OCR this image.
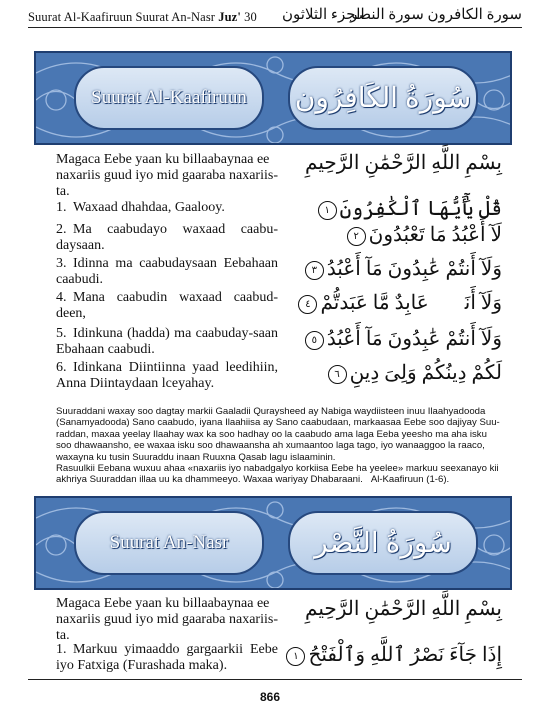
Suurat Al-Kaafiruun Suurat An-Nasr Juz' 30 الجزء الثلاثون
سورة الكافرون سورة النصر
Suurat Al-Kaafiruun سُورَةُ الكَافِرُون
Magaca Eebe yaan ku billaabaynaa ee naxariis guud iyo mid gaaraba naxariis-ta.
بِسْمِ اللَّهِ الرَّحْمَٰنِ الرَّحِيمِ
1. Waxaad dhahdaa, Gaalooy.	قُلْ يَٰٓأَيُّهَا ٱلْكَٰفِرُونَ١
2. Ma caabudayo waxaad caabu-daysaan.	لَآ أَعْبُدُ مَا تَعْبُدُونَ٢
3. Idinna ma caabudaysaan Eebahaan caabudi.	وَلَآ أَنتُمْ عَٰبِدُونَ مَآ أَعْبُدُ٣
4. Mana caabudin waxaad caabud-deen,	وَلَآ أَنَا۠ عَابِدٌ مَّا عَبَدتُّمْ٤
5. Idinkuna (hadda) ma caabuday-saan Ebahaan caabudi.	وَلَآ أَنتُمْ عَٰبِدُونَ مَآ أَعْبُدُ٥
6. Idinkana Diintiinna yaad leedihiin, Anna Diintaydaan lceyahay.	لَكُمْ دِينُكُمْ وَلِىَ دِينِ٦

Suuraddani waxay soo dagtay markii Gaaladii Quraysheed ay Nabiga waydiisteen inuu Ilaahyadooda (Sanamyadooda) Sano caabudo, iyana Ilaahiisa ay Sano caabudaan, markaasaa Eebe soo dajiyay Suu-raddan, maxaa yeelay Ilaahay wax ka soo hadhay oo la caabudo ama laga Eeba yeesho ma aha isku soo dhawaansho, ee waxaa isku soo dhawaansha ah xumaantoo laga tago, iyo wanaaggoo la raaco, waxayna ku tusin Suuraddu inaan Ruuxna Qasab lagu islaaminin.

Rasuulkii Eebana wuxuu ahaa «naxariis iyo nabadgalyo korkiisa Eebe ha yeelee» markuu seexanayo kii akhriya Suuraddan illaa uu ka dhammeeyo. Waxaa wariyay Dhabaraani. Al-Kaafiruun (1-6).

Suurat An-Nasr	سُورَةُ النَّصْر
Magaca Eebe yaan ku billaabaynaa ee naxariis guud iyo mid gaaraba naxariis-ta.
بِسْمِ اللَّهِ الرَّحْمَٰنِ الرَّحِيمِ
1. Markuu yimaaddo gargaarkii Eebe iyo Fatxiga (Furashada maka).	إِذَا جَآءَ نَصْرُ ٱللَّهِ وَٱلْفَتْحُ١
866
